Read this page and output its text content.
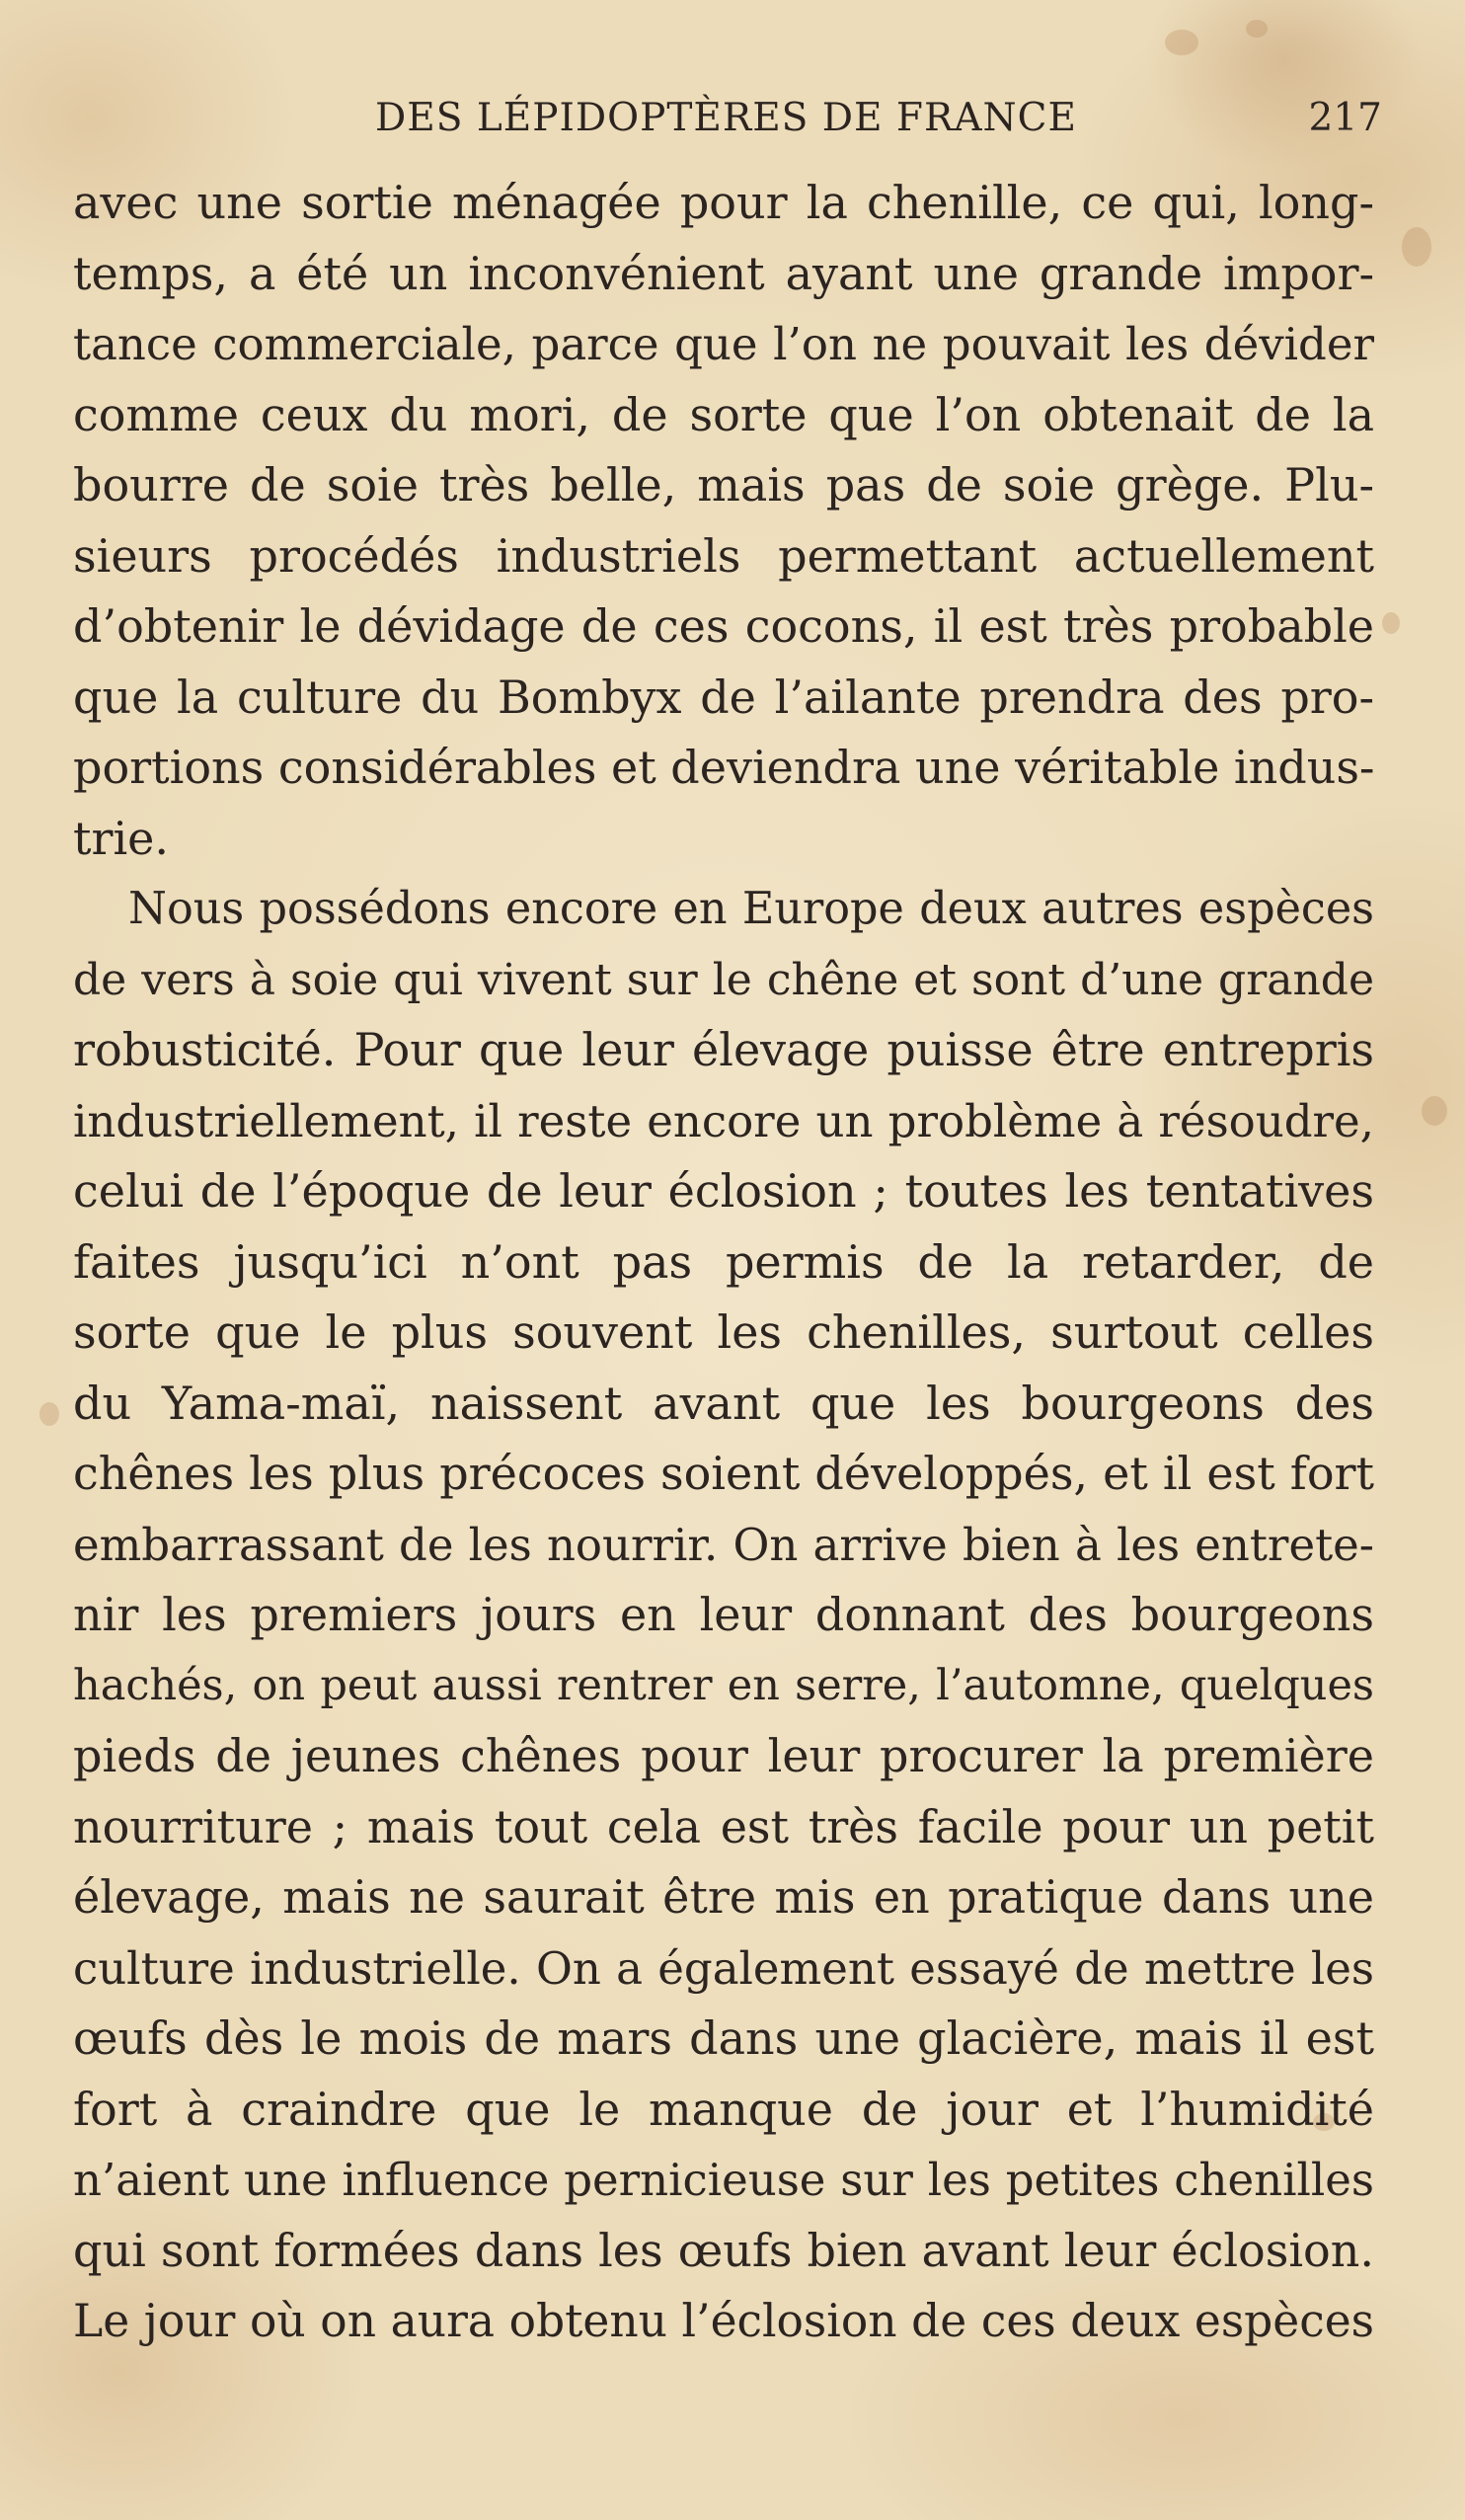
DES LÉPIDOPTÈRES DE FRANCE	217
avec une sortie ménagée pour la chenille, ce qui, long-
temps, a été un inconvénient ayant une grande impor-
tance commerciale, parce que l’on ne pouvait les dévider
comme ceux du mori, de sorte que l’on obtenait de la
bourre de soie très belle, mais pas de soie grège. Plu-
sieurs procédés industriels permettant actuellement
d’obtenir le dévidage de ces cocons, il est très probable
que la culture du Bombyx de l’ailante prendra des pro-
portions considérables et deviendra une véritable indus-
trie.
Nous possédons encore en Europe deux autres espèces
de vers à soie qui vivent sur le chêne et sont d’une grande
robusticité. Pour que leur élevage puisse être entrepris
industriellement, il reste encore un problème à résoudre,
celui de l’époque de leur éclosion ; toutes les tentatives
faites jusqu’ici n’ont pas permis de la retarder, de
sorte que le plus souvent les chenilles, surtout celles
du Yama-maï, naissent avant que les bourgeons des
chênes les plus précoces soient développés, et il est fort
embarrassant de les nourrir. On arrive bien à les entrete-
nir les premiers jours en leur donnant des bourgeons
hachés, on peut aussi rentrer en serre, l’automne, quelques
pieds de jeunes chênes pour leur procurer la première
nourriture ; mais tout cela est très facile pour un petit
élevage, mais ne saurait être mis en pratique dans une
culture industrielle. On a également essayé de mettre les
œufs dès le mois de mars dans une glacière, mais il est
fort à craindre que le manque de jour et l’humidité
n’aient une influence pernicieuse sur les petites chenilles
qui sont formées dans les œufs bien avant leur éclosion.
Le jour où on aura obtenu l’éclosion de ces deux espèces
